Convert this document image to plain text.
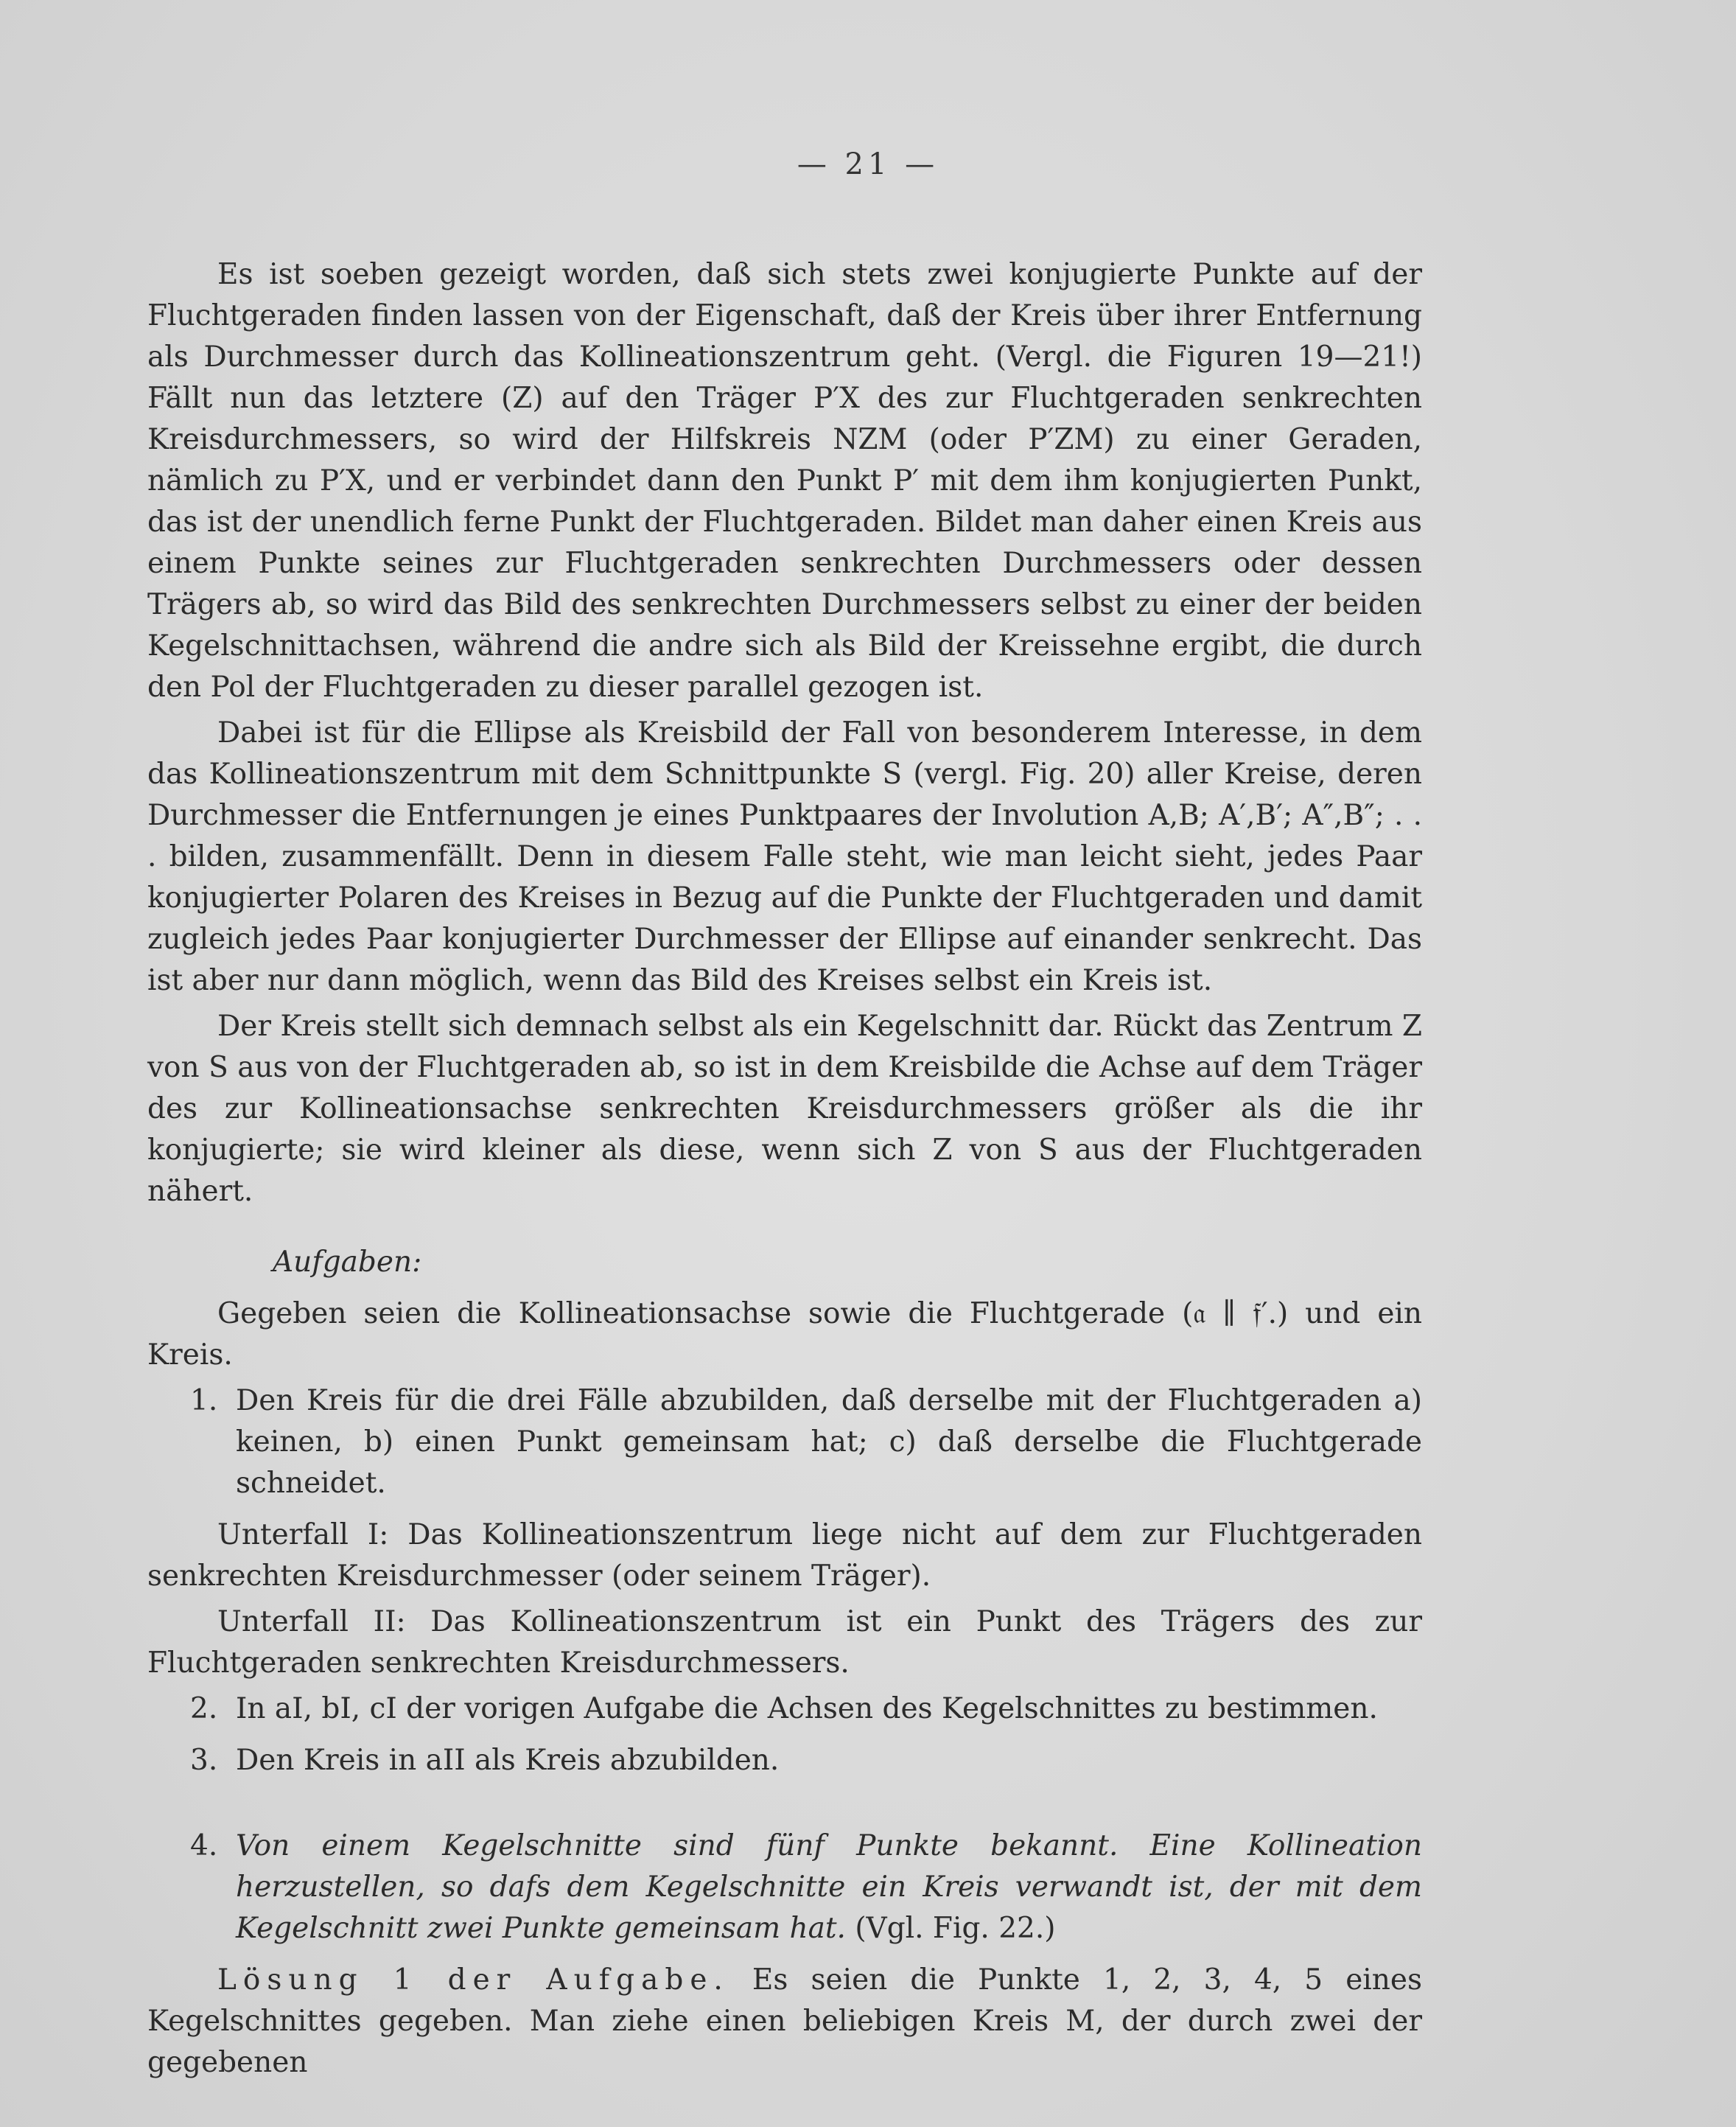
— 21 —

Es ist soeben gezeigt worden, daß sich stets zwei konjugierte Punkte auf der Fluchtgeraden finden lassen von der Eigenschaft, daß der Kreis über ihrer Entfernung als Durchmesser durch das Kollineationszentrum geht. (Vergl. die Figuren 19—21!) Fällt nun das letztere (Z) auf den Träger P′X des zur Fluchtgeraden senkrechten Kreisdurchmessers, so wird der Hilfskreis NZM (oder P′ZM) zu einer Geraden, nämlich zu P′X, und er verbindet dann den Punkt P′ mit dem ihm konjugierten Punkt, das ist der unendlich ferne Punkt der Fluchtgeraden. Bildet man daher einen Kreis aus einem Punkte seines zur Fluchtgeraden senkrechten Durchmessers oder dessen Trägers ab, so wird das Bild des senkrechten Durchmessers selbst zu einer der beiden Kegelschnittachsen, während die andre sich als Bild der Kreissehne ergibt, die durch den Pol der Fluchtgeraden zu dieser parallel gezogen ist.

Dabei ist für die Ellipse als Kreisbild der Fall von besonderem Interesse, in dem das Kollineationszentrum mit dem Schnittpunkte S (vergl. Fig. 20) aller Kreise, deren Durchmesser die Entfernungen je eines Punktpaares der Involution A,B; A′,B′; A″,B″; . . . bilden, zusammenfällt. Denn in diesem Falle steht, wie man leicht sieht, jedes Paar konjugierter Polaren des Kreises in Bezug auf die Punkte der Fluchtgeraden und damit zugleich jedes Paar konjugierter Durchmesser der Ellipse auf einander senkrecht. Das ist aber nur dann möglich, wenn das Bild des Kreises selbst ein Kreis ist.

Der Kreis stellt sich demnach selbst als ein Kegelschnitt dar. Rückt das Zentrum Z von S aus von der Fluchtgeraden ab, so ist in dem Kreisbilde die Achse auf dem Träger des zur Kollineationsachse senkrechten Kreisdurchmessers größer als die ihr konjugierte; sie wird kleiner als diese, wenn sich Z von S aus der Fluchtgeraden nähert.

Aufgaben:

Gegeben seien die Kollineationsachse sowie die Fluchtgerade (𝔞 ∥ 𝔣′.) und ein Kreis.

1. Den Kreis für die drei Fälle abzubilden, daß derselbe mit der Fluchtgeraden a) keinen, b) einen Punkt gemeinsam hat; c) daß derselbe die Fluchtgerade schneidet.

Unterfall I: Das Kollineationszentrum liege nicht auf dem zur Fluchtgeraden senkrechten Kreisdurchmesser (oder seinem Träger).

Unterfall II: Das Kollineationszentrum ist ein Punkt des Trägers des zur Fluchtgeraden senkrechten Kreisdurchmessers.

2. In aI, bI, cI der vorigen Aufgabe die Achsen des Kegelschnittes zu bestimmen.
3. Den Kreis in aII als Kreis abzubilden.
4. Von einem Kegelschnitte sind fünf Punkte bekannt. Eine Kollineation herzustellen, so dafs dem Kegelschnitte ein Kreis verwandt ist, der mit dem Kegelschnitt zwei Punkte gemeinsam hat. (Vgl. Fig. 22.)

Lösung 1 der Aufgabe. Es seien die Punkte 1, 2, 3, 4, 5 eines Kegelschnittes gegeben. Man ziehe einen beliebigen Kreis M, der durch zwei der gegebenen
